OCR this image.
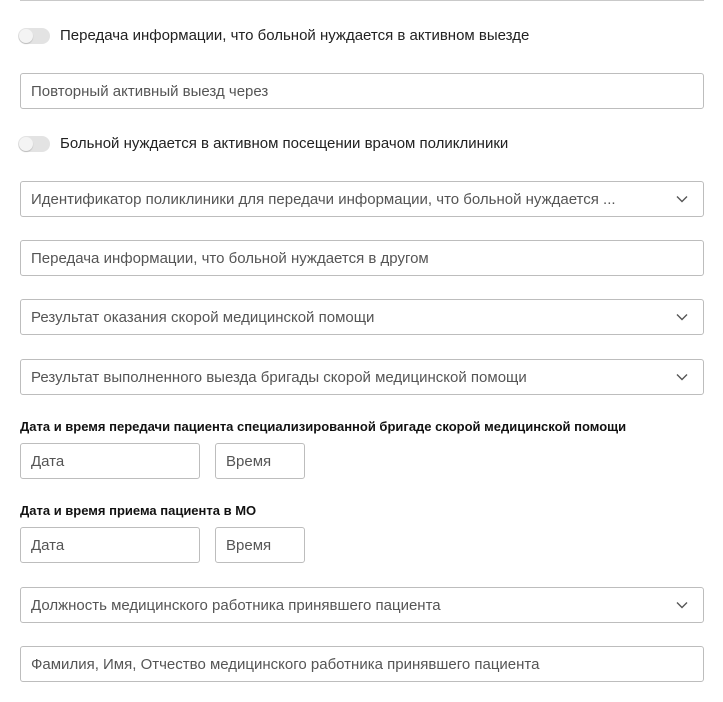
Передача информации, что больной нуждается в активном выезде
Повторный активный выезд через
Больной нуждается в активном посещении врачом поликлиники
Идентификатор поликлиники для передачи информации, что больной нуждается ...
Передача информации, что больной нуждается в другом
Результат оказания скорой медицинской помощи
Результат выполненного выезда бригады скорой медицинской помощи
Дата и время передачи пациента специализированной бригаде скорой медицинской помощи
Дата	Время
Дата и время приема пациента в МО
Дата	Время
Должность медицинского работника принявшего пациента
Фамилия, Имя, Отчество медицинского работника принявшего пациента
